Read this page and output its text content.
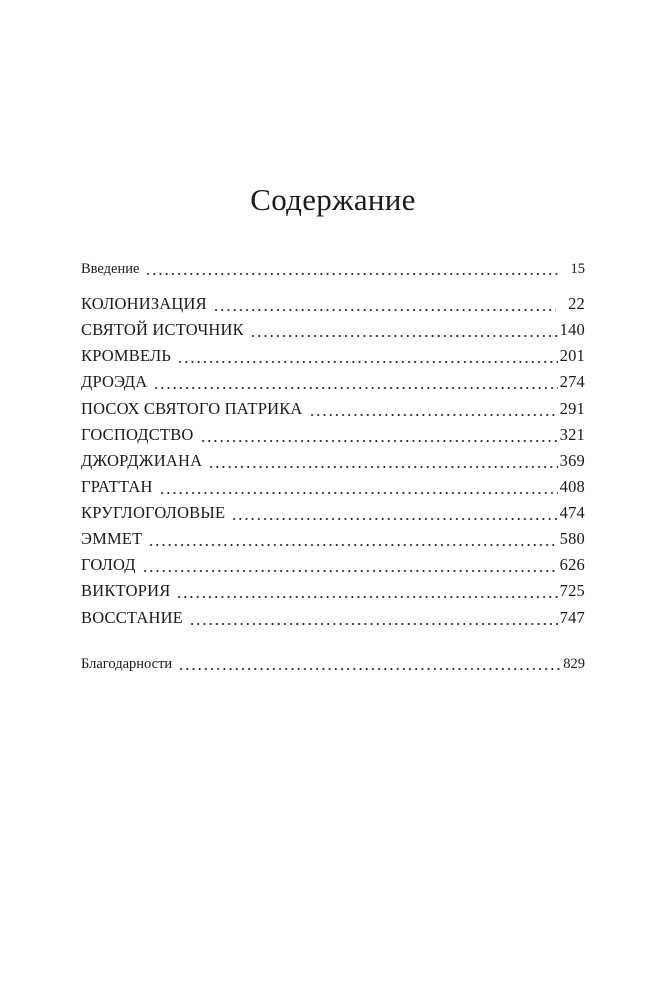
Содержание
Введение	15
КОЛОНИЗАЦИЯ	22
СВЯТОЙ ИСТОЧНИК	140
КРОМВЕЛЬ	201
ДРОЭДА	274
ПОСОХ СВЯТОГО ПАТРИКА	291
ГОСПОДСТВО	321
ДЖОРДЖИАНА	369
ГРАТТАН	408
КРУГЛОГОЛОВЫЕ	474
ЭММЕТ	580
ГОЛОД	626
ВИКТОРИЯ	725
ВОССТАНИЕ	747
Благодарности	829
